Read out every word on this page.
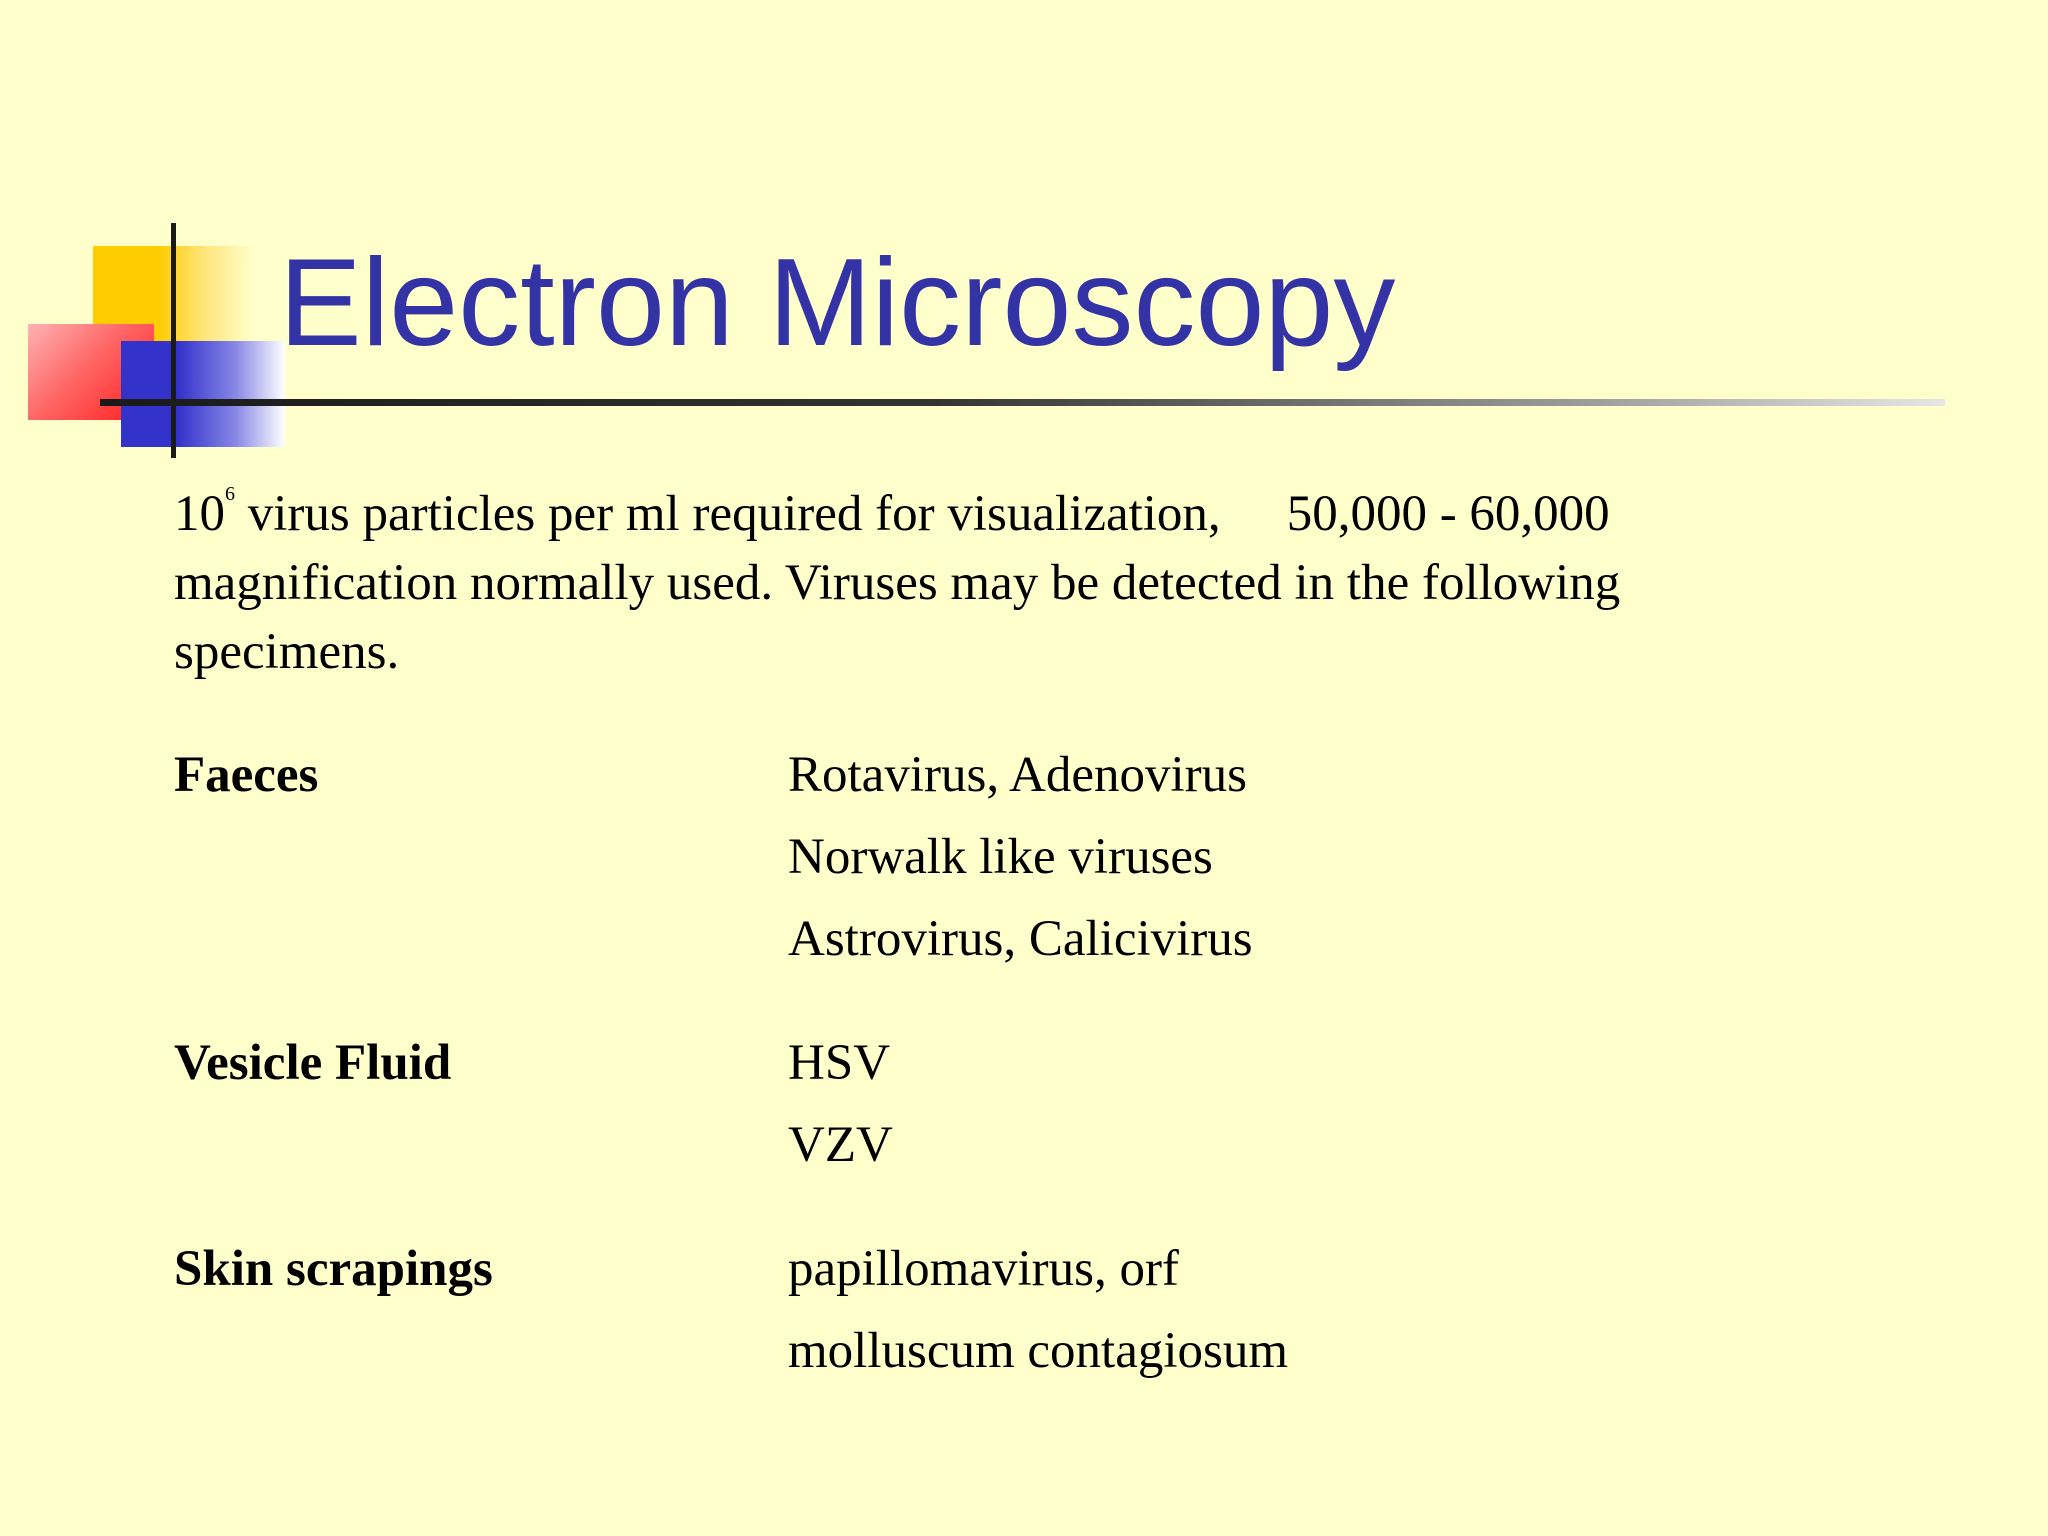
Electron Microscopy

$10^6$ virus particles per ml required for visualization, 50,000 - 60,000 magnification normally used. Viruses may be detected in the following specimens.

Faeces	Rotavirus, Adenovirus
Norwalk like viruses
Astrovirus, Calicivirus
Vesicle Fluid	HSV
VZV
Skin scrapings	papillomavirus, orf
molluscum contagiosum
